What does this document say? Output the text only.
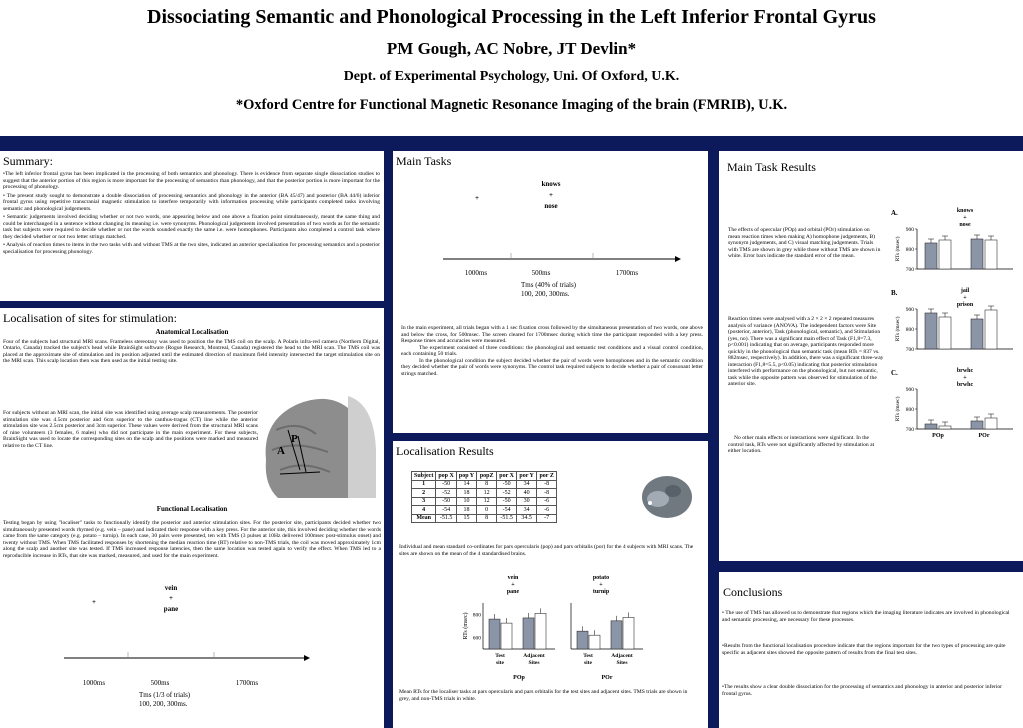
Dissociating Semantic and Phonological Processing in the Left Inferior Frontal Gyrus
PM Gough, AC Nobre, JT Devlin*
Dept. of Experimental Psychology, Uni. Of Oxford, U.K.
*Oxford Centre for Functional Magnetic Resonance Imaging of the brain (FMRIB), U.K.
Summary:

•The left inferior frontal gyrus has been implicated in the processing of both semantics and phonology. There is evidence from separate single dissociation studies to suggest that the anterior portion of this region is more important for the processing of semantics than phonology, and that the posterior portion is more important for the processing of phonology.

• The present study sought to demonstrate a double dissociation of processing semantics and phonology in the anterior (BA 45/47) and posterior (BA 44/6) inferior frontal gyrus using repetitive transcranial magnetic stimulation to interfere temporarily with information processing while participants completed tasks involving semantic and phonological judgements.

• Semantic judgements involved deciding whether or not two words, one appearing below and one above a fixation point simultaneously, meant the same thing and could be interchanged in a sentence without changing its meaning i.e. were synonyms. Phonological judgements involved presentation of two words as for the semantic task but subjects were required to decide whether or not the words sounded exactly the same i.e. were homophones. Participants also completed a control task where they decided whether or not two letter strings matched.

• Analysis of reaction times to items in the two tasks with and without TMS at the two sites, indicated an anterior specialisation for processing semantics and a posterior specialisation for processing phonology.

Localisation of sites for stimulation:
Anatomical Localisation

Four of the subjects had structural MRI scans. Frameless stereotaxy was used to position the the TMS coil on the scalp. A Polaris infra-red camera (Northern Digital, Ontario, Canada) tracked the subject's head while BrainSight software (Rogue Research, Montreal, Canada) registered the head to the MRI scan. The TMS coil was placed at the approximate site of stimulation and its position adjusted until the estimated direction of maximum field intensity intersected the target stimulation site on the MRI scan. This scalp location then was then used as the initial testing site.

For subjects without an MRI scan, the initial site was identified using average scalp measurements. The posterior stimulation site was 4.5cm posterior and 6cm superior to the canthus-tragus (CT) line while the anterior stimulation site was 2.5cm posterior and 3cm superior. These values were derived from the structural MRI scans of nine volunteers (3 females, 6 males) who did not participate in the main experiment. For these subjects, BrainSight was used to locate the corresponding sites on the scalp and the positions were marked and measured relative to the CT line.

P
A
Functional Localisation

Testing began by using "localiser" tasks to functionally identify the posterior and anterior stimulation sites. For the posterior site, participants decided whether two simultaneously presented words rhymed (e.g. vein – pane) and indicated their response with a key press. For the anterior site, this involved deciding whether the words came from the same category (e.g. potato – turnip). In each case, 30 pairs were presented, ten with TMS (3 pulses at 10Hz delivered 100msec post-stimulus onset) and twenty without TMS. When TMS facilitated responses by shortening the median reaction time (RT) relative to non-TMS trials, the coil was moved approximately 1cm along the scalp and another site was tested. If TMS increased response latencies, then the same location was tested again to verify the effect. When TMS led to a reproducible increase in RTs, that site was marked, measured, and used for the main experiment.

+
vein
+
pane
1000ms	500ms	1700ms

Tms (1/3 of trials) 100, 200, 300ms.

Main Tasks
+
knows
+
nose
1000ms	500ms	1700ms

Tms (40% of trials) 100, 200, 300ms.

In the main experiment, all trials began with a 1 sec fixation cross followed by the simultaneous presentation of two words, one above and below the cross, for 500msec. The screen cleared for 1700msec during which time the participant responded with a key press. Response times and accuracies were measured.

The experiment consisted of three conditions: the phonological and semantic test conditions and a visual control condition, each containing 50 trials.

In the phonological condition the subject decided whether the pair of words were homophones and in the semantic condition they decided whether the pair of words were synonyms. The control task required subjects to decide whether a pair of consonant letter strings matched.

Localisation Results
Subject	pop X	pop Y	popZ	por X	por Y	por Z
1	-50	14	8	-50	34	-8
2	-52	18	12	-52	40	-8
3	-50	10	12	-50	30	-6
4	-54	18	0	-54	34	-6
Mean	-51.5	15	8	-51.5	34.5	-7

Individual and mean standard co-ordinates for pars opercularis (pop) and pars orbitalis (por) for the 4 subjects with MRI scans. The sites are shown on the mean of the 4 standardised brains.

RTs (msec) 600
800
vein
+
pane
Test
site
Adjacent
Sites
POp
potato
+
turnip
Test
site
Adjacent
Sites
POr

Mean RTs for the localiser tasks at pars opercularis and pars orbitalis for the test sites and adjacent sites. TMS trials are shown in grey, and non-TMS trials in white.

Main Task Results

The effects of opercular (POp) and orbital (POr) stimulation on mean reaction times when making A) homophone judgements, B) synonym judgements, and C) visual matching judgements. Trials with TMS are shown in grey while those without TMS are shown in white. Error bars indicate the standard error of the mean.

Reaction times were analysed with a 2 × 2 × 2 repeated measures analysis of variance (ANOVA). The independent factors were Site (posterior, anterior), Task (phonological, semantic), and Stimulation (yes, no). There was a significant main effect of Task (F1,8=7.3, p<0.001) indicating that on average, participants responded more quickly in the phonological than semantic task (mean RTs = 837 vs. 882msec, respectively). In addition, there was a significant three-way interaction (F1,8=5.5, p<0.05) indicating that posterior stimulation interfered with performance on the phonological, but not semantic, task while the opposite pattern was observed for stimulation of the anterior site.

No other main effects or interactions were significant. In the control task, RTs were not significantly affected by stimulation at either location.

A.	knows
+
nose
700
800
900
RTs (msec)
B.	jail
+
prison
700
800
900
RTs (msec)
C.	brwhc
+
brwhc
700
800
900
RTs (msec)
POp	POr
Conclusions

• The use of TMS has allowed us to demonstrate that regions which the imaging literature indicates are involved in phonological and semantic processing, are necessary for these processes.

•Results from the functional localisation procedure indicate that the regions important for the two types of processing are quite specific as adjacent sites showed the opposite pattern of results from the final test sites.

•The results show a clear double dissociation for the processing of semantics and phonology in anterior and posterior inferior frontal gyrus.
